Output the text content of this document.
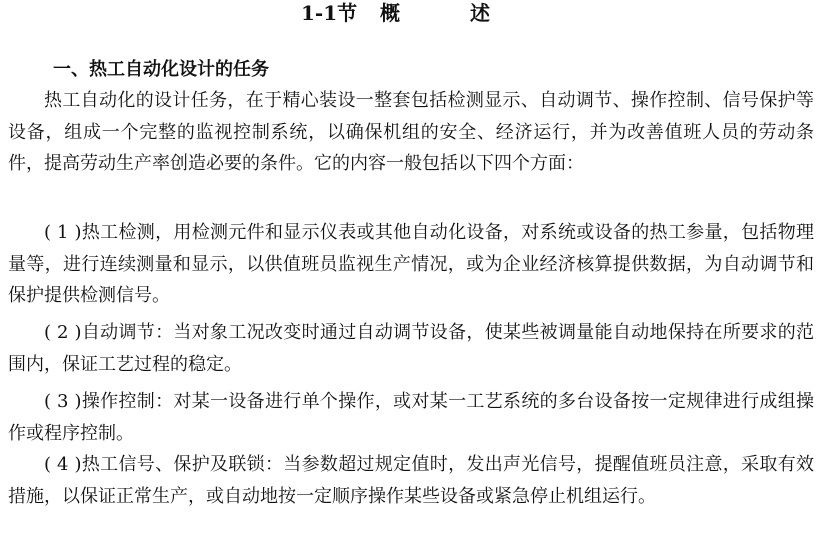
1-1节 概	述
一、热工自动化设计的任务

热工自动化的设计任务，在于精心装设一整套包括检测显示、自动调节、操作控制、信号保护等设备，组成一个完整的监视控制系统，以确保机组的安全、经济运行，并为改善值班人员的劳动条件，提高劳动生产率创造必要的条件。它的内容一般包括以下四个方面：

( 1 )热工检测，用检测元件和显示仪表或其他自动化设备，对系统或设备的热工参量，包括物理量等，进行连续测量和显示，以供值班员监视生产情况，或为企业经济核算提供数据，为自动调节和保护提供检测信号。

( 2 )自动调节：当对象工况改变时通过自动调节设备，使某些被调量能自动地保持在所要求的范围内，保证工艺过程的稳定。

( 3 )操作控制：对某一设备进行单个操作，或对某一工艺系统的多台设备按一定规律进行成组操作或程序控制。

( 4 )热工信号、保护及联锁：当参数超过规定值时，发出声光信号，提醒值班员注意，采取有效措施，以保证正常生产，或自动地按一定顺序操作某些设备或紧急停止机组运行。
